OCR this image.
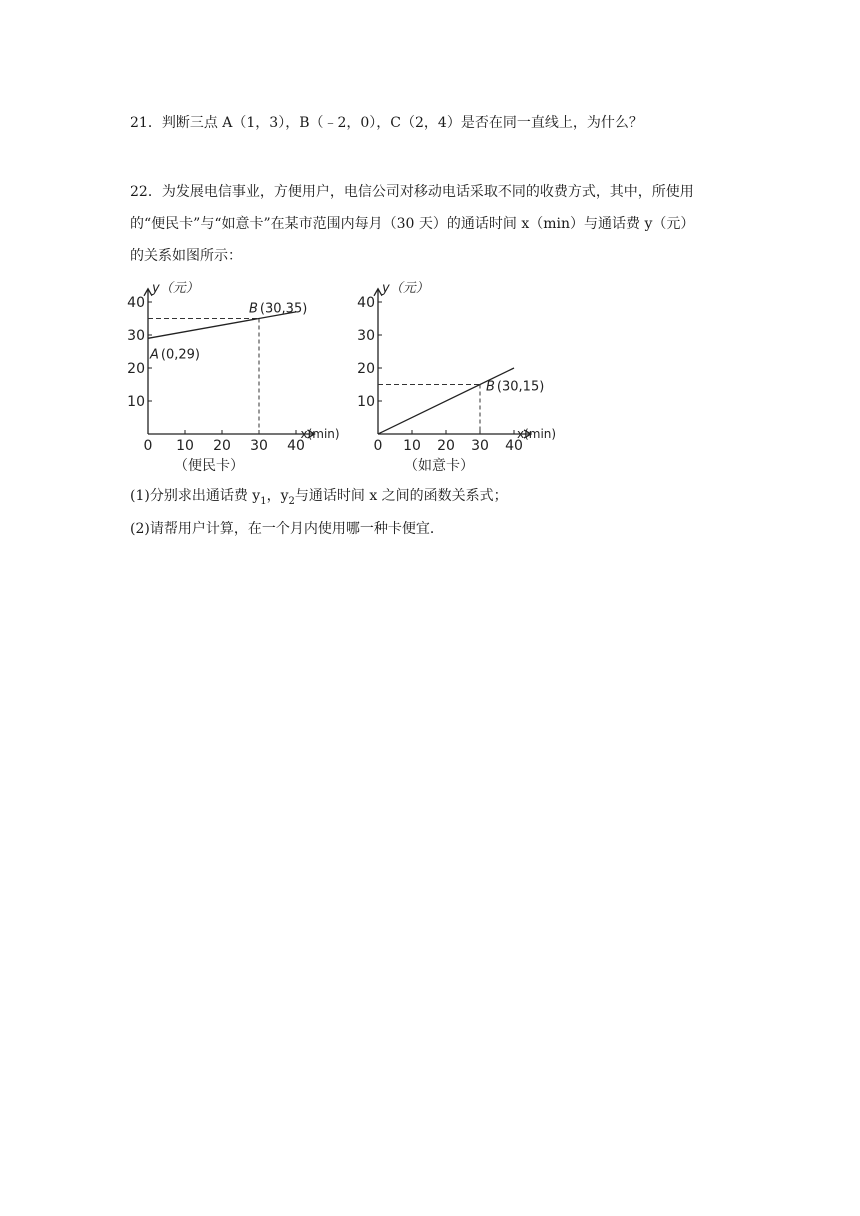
21．判断三点 A（1，3），B（﹣2，0），C（2，4）是否在同一直线上，为什么？
22．为发展电信事业，方便用户，电信公司对移动电话采取不同的收费方式，其中，所使用
的“便民卡”与“如意卡”在某市范围内每月（30 天）的通话时间 x（min）与通话费 y（元）
的关系如图所示：
0 10 20 30 40
10
20
30
40
y（元）
x(min)
A (0,29)
B (30,35)
（便民卡）
0 10 20 30 40
10
20
30
40
y（元）
x(min)
B (30,15)
（如意卡）
(1)分别求出通话费 $y_1$，$y_2$与通话时间 x 之间的函数关系式；
(2)请帮用户计算，在一个月内使用哪一种卡便宜．
